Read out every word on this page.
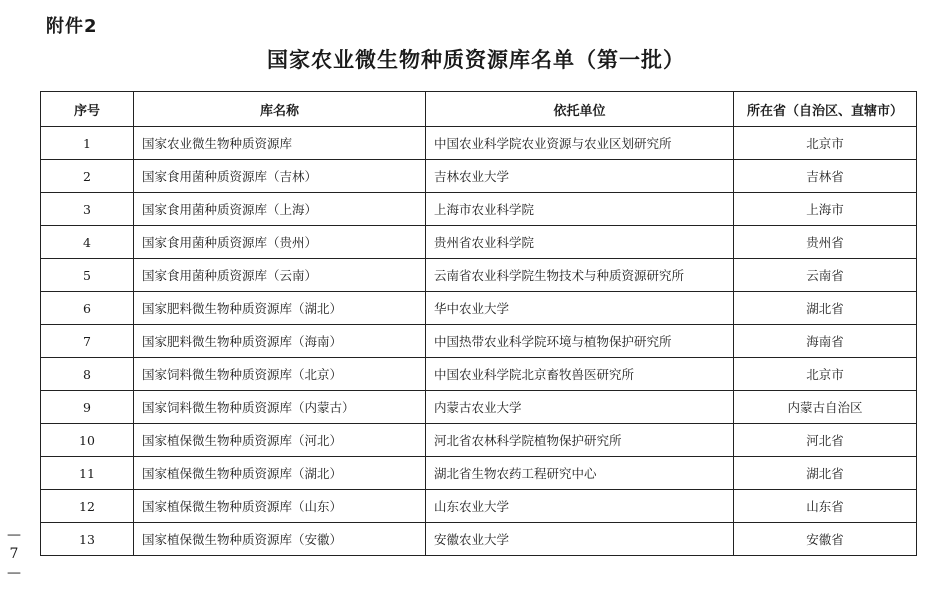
附件2
国家农业微生物种质资源库名单（第一批）
序号	库名称	依托单位	所在省（自治区、直辖市）
1	国家农业微生物种质资源库	中国农业科学院农业资源与农业区划研究所	北京市
2	国家食用菌种质资源库（吉林）	吉林农业大学	吉林省
3	国家食用菌种质资源库（上海）	上海市农业科学院	上海市
4	国家食用菌种质资源库（贵州）	贵州省农业科学院	贵州省
5	国家食用菌种质资源库（云南）	云南省农业科学院生物技术与种质资源研究所	云南省
6	国家肥料微生物种质资源库（湖北）	华中农业大学	湖北省
7	国家肥料微生物种质资源库（海南）	中国热带农业科学院环境与植物保护研究所	海南省
8	国家饲料微生物种质资源库（北京）	中国农业科学院北京畜牧兽医研究所	北京市
9	国家饲料微生物种质资源库（内蒙古）	内蒙古农业大学	内蒙古自治区
10	国家植保微生物种质资源库（河北）	河北省农林科学院植物保护研究所	河北省
11	国家植保微生物种质资源库（湖北）	湖北省生物农药工程研究中心	湖北省
12	国家植保微生物种质资源库（山东）	山东农业大学	山东省
13	国家植保微生物种质资源库（安徽）	安徽农业大学	安徽省
—
7
—
